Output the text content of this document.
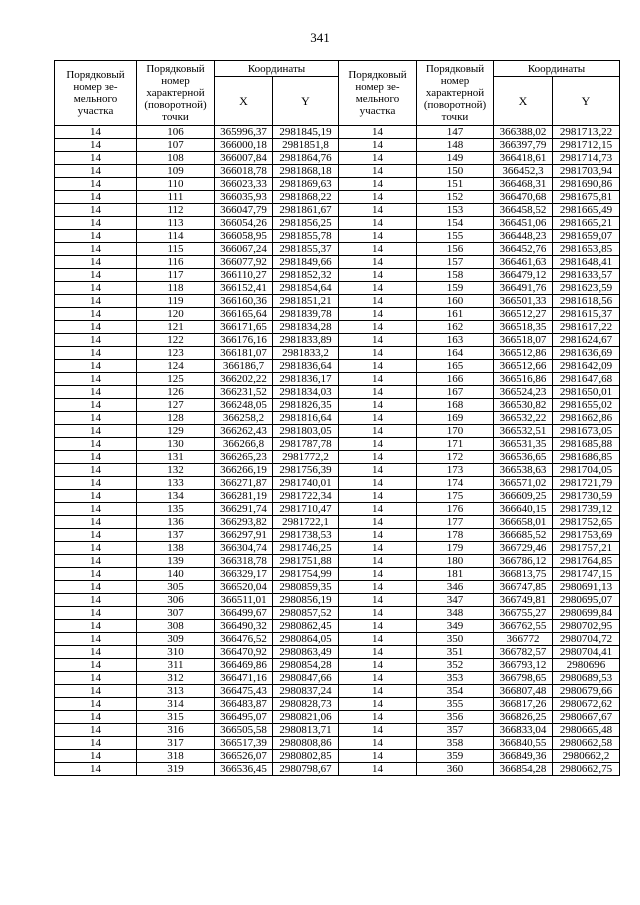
341
Порядковый номер зе-мельного участка	Порядковый номер характерной (поворотной) точки	Координаты		Порядковый номер зе-мельного участка	Порядковый номер характерной (поворотной) точки	Координаты	
		X	Y			X	Y
14	106	365996,37	2981845,19	14	147	366388,02	2981713,22
14	107	366000,18	2981851,8	14	148	366397,79	2981712,15
14	108	366007,84	2981864,76	14	149	366418,61	2981714,73
14	109	366018,78	2981868,18	14	150	366452,3	2981703,94
14	110	366023,33	2981869,63	14	151	366468,31	2981690,86
14	111	366035,93	2981868,22	14	152	366470,68	2981675,81
14	112	366047,79	2981861,67	14	153	366458,52	2981665,49
14	113	366054,26	2981856,25	14	154	366451,06	2981665,21
14	114	366058,95	2981855,78	14	155	366448,23	2981659,07
14	115	366067,24	2981855,37	14	156	366452,76	2981653,85
14	116	366077,92	2981849,66	14	157	366461,63	2981648,41
14	117	366110,27	2981852,32	14	158	366479,12	2981633,57
14	118	366152,41	2981854,64	14	159	366491,76	2981623,59
14	119	366160,36	2981851,21	14	160	366501,33	2981618,56
14	120	366165,64	2981839,78	14	161	366512,27	2981615,37
14	121	366171,65	2981834,28	14	162	366518,35	2981617,22
14	122	366176,16	2981833,89	14	163	366518,07	2981624,67
14	123	366181,07	2981833,2	14	164	366512,86	2981636,69
14	124	366186,7	2981836,64	14	165	366512,66	2981642,09
14	125	366202,22	2981836,17	14	166	366516,86	2981647,68
14	126	366231,52	2981834,03	14	167	366524,23	2981650,01
14	127	366248,05	2981826,35	14	168	366530,82	2981655,02
14	128	366258,2	2981816,64	14	169	366532,22	2981662,86
14	129	366262,43	2981803,05	14	170	366532,51	2981673,05
14	130	366266,8	2981787,78	14	171	366531,35	2981685,88
14	131	366265,23	2981772,2	14	172	366536,65	2981686,85
14	132	366266,19	2981756,39	14	173	366538,63	2981704,05
14	133	366271,87	2981740,01	14	174	366571,02	2981721,79
14	134	366281,19	2981722,34	14	175	366609,25	2981730,59
14	135	366291,74	2981710,47	14	176	366640,15	2981739,12
14	136	366293,82	2981722,1	14	177	366658,01	2981752,65
14	137	366297,91	2981738,53	14	178	366685,52	2981753,69
14	138	366304,74	2981746,25	14	179	366729,46	2981757,21
14	139	366318,78	2981751,88	14	180	366786,12	2981764,85
14	140	366329,17	2981754,99	14	181	366813,75	2981747,15
14	305	366520,04	2980859,35	14	346	366747,85	2980691,13
14	306	366511,01	2980856,19	14	347	366749,81	2980695,07
14	307	366499,67	2980857,52	14	348	366755,27	2980699,84
14	308	366490,32	2980862,45	14	349	366762,55	2980702,95
14	309	366476,52	2980864,05	14	350	366772	2980704,72
14	310	366470,92	2980863,49	14	351	366782,57	2980704,41
14	311	366469,86	2980854,28	14	352	366793,12	2980696
14	312	366471,16	2980847,66	14	353	366798,65	2980689,53
14	313	366475,43	2980837,24	14	354	366807,48	2980679,66
14	314	366483,87	2980828,73	14	355	366817,26	2980672,62
14	315	366495,07	2980821,06	14	356	366826,25	2980667,67
14	316	366505,58	2980813,71	14	357	366833,04	2980665,48
14	317	366517,39	2980808,86	14	358	366840,55	2980662,58
14	318	366526,07	2980802,85	14	359	366849,36	2980662,2
14	319	366536,45	2980798,67	14	360	366854,28	2980662,75
